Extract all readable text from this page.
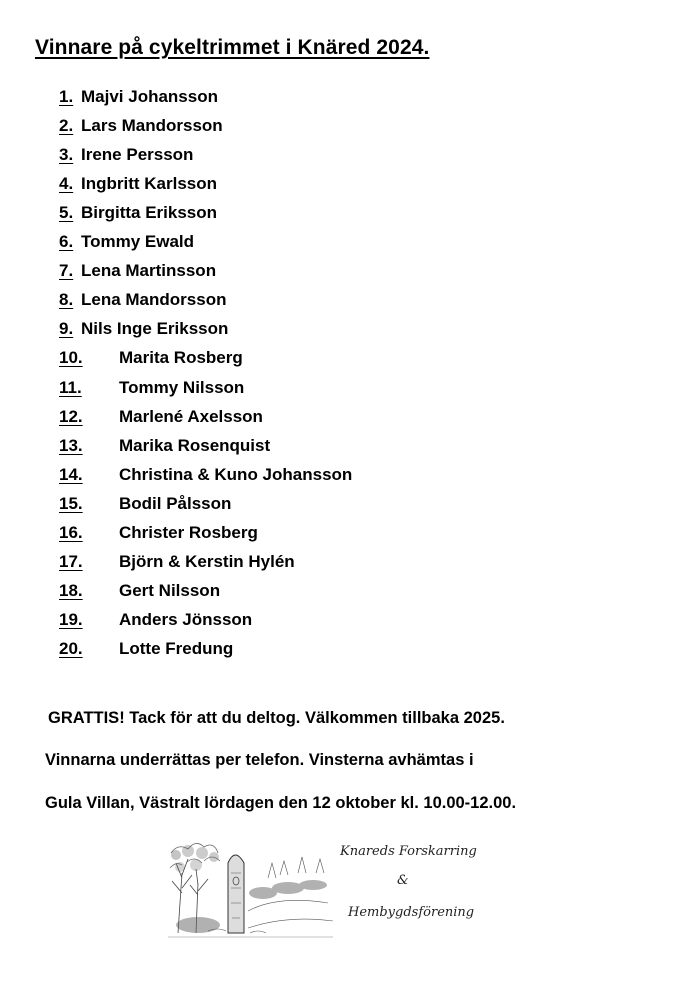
Vinnare på cykeltrimmet i Knäred 2024.
1. Majvi Johansson
2. Lars Mandorsson
3. Irene Persson
4. Ingbritt Karlsson
5. Birgitta Eriksson
6. Tommy Ewald
7. Lena Martinsson
8. Lena Mandorsson
9. Nils Inge Eriksson
10. Marita Rosberg
11. Tommy Nilsson
12. Marlené Axelsson
13. Marika Rosenquist
14. Christina & Kuno Johansson
15. Bodil Pålsson
16. Christer Rosberg
17. Björn & Kerstin Hylén
18. Gert Nilsson
19. Anders Jönsson
20. Lotte Fredung
GRATTIS! Tack för att du deltog. Välkommen tillbaka 2025.
Vinnarna underrättas per telefon. Vinsterna avhämtas i
Gula Villan, Västralt lördagen den 12 oktober kl. 10.00-12.00.
Knareds Forskarring
&
Hembygdsförening
